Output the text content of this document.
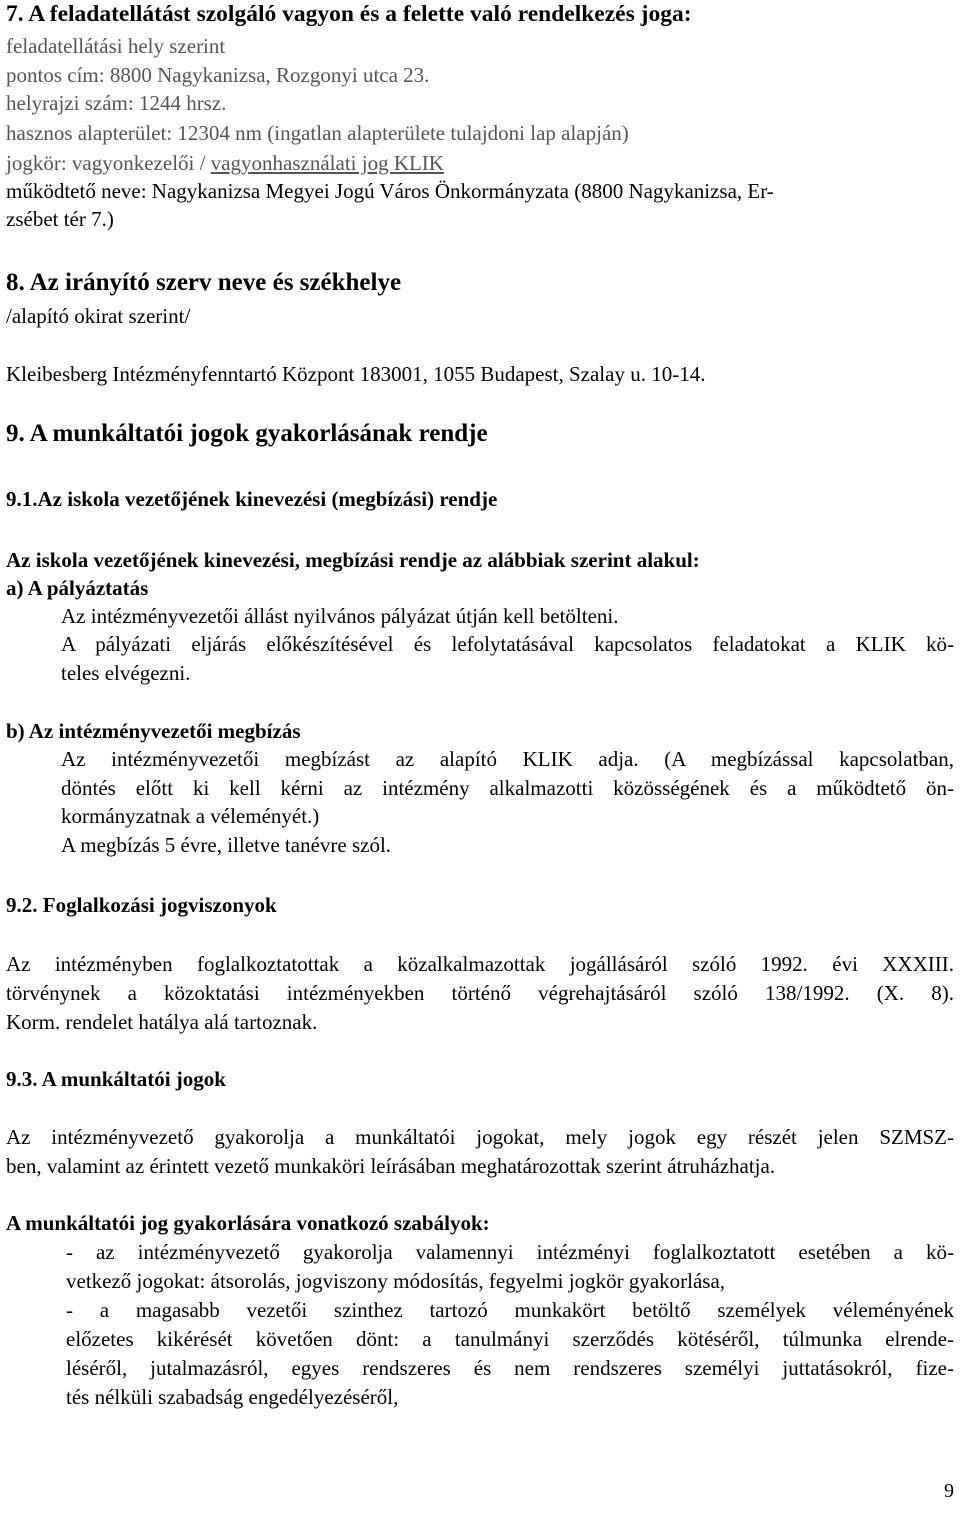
7. A feladatellátást szolgáló vagyon és a felette való rendelkezés joga:
feladatellátási hely szerint
pontos cím: 8800 Nagykanizsa, Rozgonyi utca 23.
helyrajzi szám: 1244 hrsz.
hasznos alapterület: 12304 nm (ingatlan alapterülete tulajdoni lap alapján)
jogkör: vagyonkezelői / vagyonhasználati jog KLIK
működtető neve: Nagykanizsa Megyei Jogú Város Önkormányzata (8800 Nagykanizsa, Er-
zsébet tér 7.)
8. Az irányító szerv neve és székhelye
/alapító okirat szerint/
Kleibesberg Intézményfenntartó Központ 183001, 1055 Budapest, Szalay u. 10-14.
9. A munkáltatói jogok gyakorlásának rendje
9.1.Az iskola vezetőjének kinevezési (megbízási) rendje
Az iskola vezetőjének kinevezési, megbízási rendje az alábbiak szerint alakul:
a) A pályáztatás
Az intézményvezetői állást nyilvános pályázat útján kell betölteni.
A pályázati eljárás előkészítésével és lefolytatásával kapcsolatos feladatokat a KLIK kö-
teles elvégezni.
b) Az intézményvezetői megbízás
Az intézményvezetői megbízást az alapító KLIK adja. (A megbízással kapcsolatban,
döntés előtt ki kell kérni az intézmény alkalmazotti közösségének és a működtető ön-
kormányzatnak a véleményét.)
A megbízás 5 évre, illetve tanévre szól.
9.2. Foglalkozási jogviszonyok
Az intézményben foglalkoztatottak a közalkalmazottak jogállásáról szóló 1992. évi XXXIII.
törvénynek a közoktatási intézményekben történő végrehajtásáról szóló 138/1992. (X. 8).
Korm. rendelet hatálya alá tartoznak.
9.3. A munkáltatói jogok
Az intézményvezető gyakorolja a munkáltatói jogokat, mely jogok egy részét jelen SZMSZ-
ben, valamint az érintett vezető munkaköri leírásában meghatározottak szerint átruházhatja.
A munkáltatói jog gyakorlására vonatkozó szabályok:
- az intézményvezető gyakorolja valamennyi intézményi foglalkoztatott esetében a kö-
vetkező jogokat: átsorolás, jogviszony módosítás, fegyelmi jogkör gyakorlása,
- a magasabb vezetői szinthez tartozó munkakört betöltő személyek véleményének
előzetes kikérését követően dönt: a tanulmányi szerződés kötéséről, túlmunka elrende-
léséről, jutalmazásról, egyes rendszeres és nem rendszeres személyi juttatásokról, fize-
tés nélküli szabadság engedélyezéséről,
9
